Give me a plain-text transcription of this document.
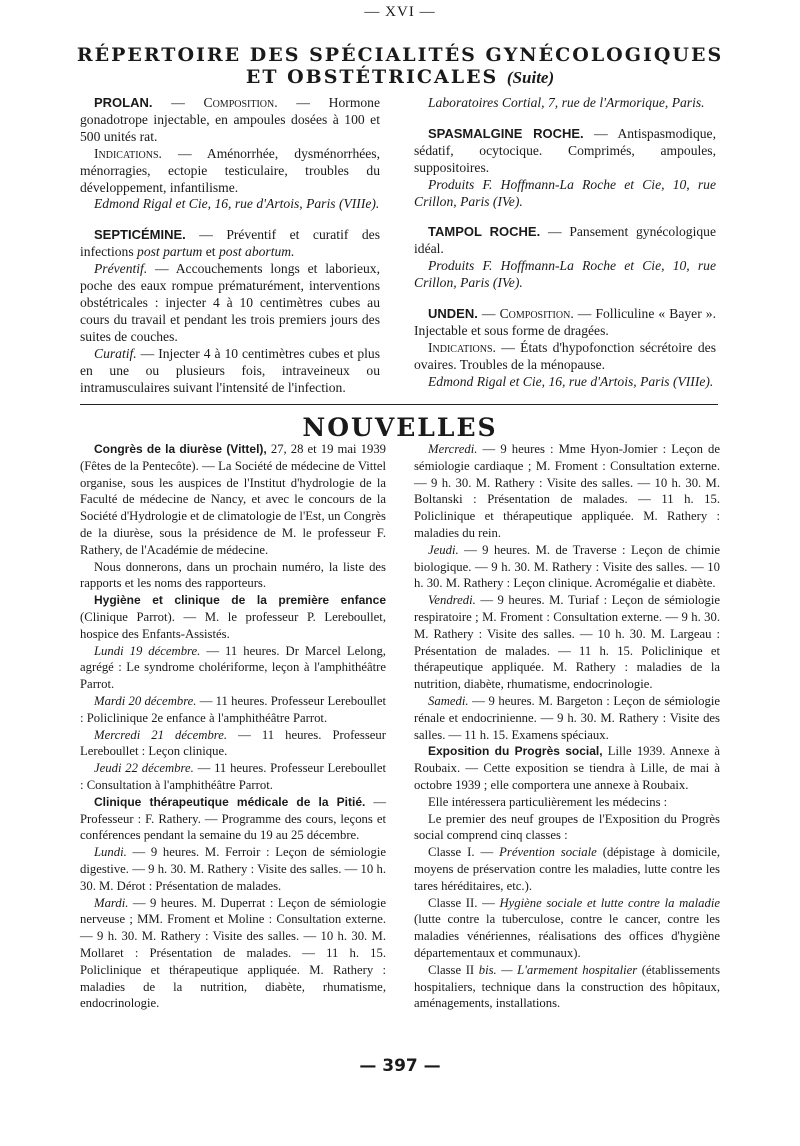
— XVI —
RÉPERTOIRE DES SPÉCIALITÉS GYNÉCOLOGIQUES
ET OBSTÉTRICALES (Suite)

PROLAN. — Composition. — Hormone gonadotrope injectable, en ampoules dosées à 100 et 500 unités rat.

Indications. — Aménorrhée, dysménorrhées, ménorragies, ectopie testiculaire, troubles du développement, infantilisme.

Edmond Rigal et Cie, 16, rue d'Artois, Paris (VIIIe).

SEPTICÉMINE. — Préventif et curatif des infections post partum et post abortum.

Préventif. — Accouchements longs et laborieux, poche des eaux rompue prématurément, interventions obstétricales : injecter 4 à 10 centimètres cubes au cours du travail et pendant les trois premiers jours des suites de couches.

Curatif. — Injecter 4 à 10 centimètres cubes et plus en une ou plusieurs fois, intraveineux ou intramusculaires suivant l'intensité de l'infection.

Laboratoires Cortial, 7, rue de l'Armorique, Paris.

SPASMALGINE ROCHE. — Antispasmodique, sédatif, ocytocique. Comprimés, ampoules, suppositoires.

Produits F. Hoffmann-La Roche et Cie, 10, rue Crillon, Paris (IVe).

TAMPOL ROCHE. — Pansement gynécologique idéal.

Produits F. Hoffmann-La Roche et Cie, 10, rue Crillon, Paris (IVe).

UNDEN. — Composition. — Folliculine « Bayer ». Injectable et sous forme de dragées.

Indications. — États d'hypofonction sécrétoire des ovaires. Troubles de la ménopause.

Edmond Rigal et Cie, 16, rue d'Artois, Paris (VIIIe).

NOUVELLES

Congrès de la diurèse (Vittel), 27, 28 et 19 mai 1939 (Fêtes de la Pentecôte). — La Société de médecine de Vittel organise, sous les auspices de l'Institut d'hydrologie de la Faculté de médecine de Nancy, et avec le concours de la Société d'Hydrologie et de climatologie de l'Est, un Congrès de la diurèse, sous la présidence de M. le professeur F. Rathery, de l'Académie de médecine.

Nous donnerons, dans un prochain numéro, la liste des rapports et les noms des rapporteurs.

Hygiène et clinique de la première enfance (Clinique Parrot). — M. le professeur P. Lereboullet, hospice des Enfants-Assistés.

Lundi 19 décembre. — 11 heures. Dr Marcel Lelong, agrégé : Le syndrome cholériforme, leçon à l'amphithéâtre Parrot.

Mardi 20 décembre. — 11 heures. Professeur Lereboullet : Policlinique 2e enfance à l'amphithéâtre Parrot.

Mercredi 21 décembre. — 11 heures. Professeur Lereboullet : Leçon clinique.

Jeudi 22 décembre. — 11 heures. Professeur Lereboullet : Consultation à l'amphithéâtre Parrot.

Clinique thérapeutique médicale de la Pitié. — Professeur : F. Rathery. — Programme des cours, leçons et conférences pendant la semaine du 19 au 25 décembre.

Lundi. — 9 heures. M. Ferroir : Leçon de sémiologie digestive. — 9 h. 30. M. Rathery : Visite des salles. — 10 h. 30. M. Dérot : Présentation de malades.

Mardi. — 9 heures. M. Duperrat : Leçon de sémiologie nerveuse ; MM. Froment et Moline : Consultation externe. — 9 h. 30. M. Rathery : Visite des salles. — 10 h. 30. M. Mollaret : Présentation de malades. — 11 h. 15. Policlinique et thérapeutique appliquée. M. Rathery : maladies de la nutrition, diabète, rhumatisme, endocrinologie.

Mercredi. — 9 heures : Mme Hyon-Jomier : Leçon de sémiologie cardiaque ; M. Froment : Consultation externe. — 9 h. 30. M. Rathery : Visite des salles. — 10 h. 30. M. Boltanski : Présentation de malades. — 11 h. 15. Policlinique et thérapeutique appliquée. M. Rathery : maladies du rein.

Jeudi. — 9 heures. M. de Traverse : Leçon de chimie biologique. — 9 h. 30. M. Rathery : Visite des salles. — 10 h. 30. M. Rathery : Leçon clinique. Acromégalie et diabète.

Vendredi. — 9 heures. M. Turiaf : Leçon de sémiologie respiratoire ; M. Froment : Consultation externe. — 9 h. 30. M. Rathery : Visite des salles. — 10 h. 30. M. Largeau : Présentation de malades. — 11 h. 15. Policlinique et thérapeutique appliquée. M. Rathery : maladies de la nutrition, diabète, rhumatisme, endocrinologie.

Samedi. — 9 heures. M. Bargeton : Leçon de sémiologie rénale et endocrinienne. — 9 h. 30. M. Rathery : Visite des salles. — 11 h. 15. Examens spéciaux.

Exposition du Progrès social, Lille 1939. Annexe à Roubaix. — Cette exposition se tiendra à Lille, de mai à octobre 1939 ; elle comportera une annexe à Roubaix.

Elle intéressera particulièrement les médecins :

Le premier des neuf groupes de l'Exposition du Progrès social comprend cinq classes :

Classe I. — Prévention sociale (dépistage à domicile, moyens de préservation contre les maladies, lutte contre les tares héréditaires, etc.).

Classe II. — Hygiène sociale et lutte contre la maladie (lutte contre la tuberculose, contre le cancer, contre les maladies vénériennes, réalisations des offices d'hygiène départementaux et communaux).

Classe II bis. — L'armement hospitalier (établissements hospitaliers, technique dans la construction des hôpitaux, aménagements, installations.

— 397 —
